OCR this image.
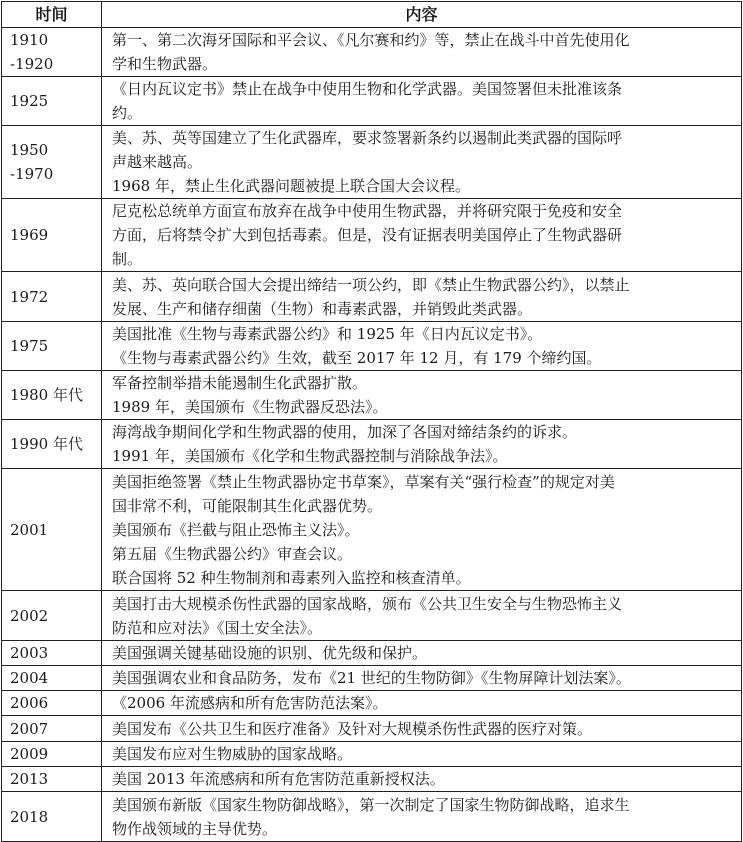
时间	内容

1910
-1920	第一、第二次海牙国际和平会议、《凡尔赛和约》等，禁止在战斗中首先使用化
学和生物武器。

1925	《日内瓦议定书》禁止在战争中使用生物和化学武器。美国签署但未批准该条
约。

1950
-1970	美、苏、英等国建立了生化武器库，要求签署新条约以遏制此类武器的国际呼
声越来越高。
1968 年，禁止生化武器问题被提上联合国大会议程。

1969	尼克松总统单方面宣布放弃在战争中使用生物武器，并将研究限于免疫和安全
方面，后将禁令扩大到包括毒素。但是，没有证据表明美国停止了生物武器研
制。

1972	美、苏、英向联合国大会提出缔结一项公约，即《禁止生物武器公约》，以禁止
发展、生产和储存细菌（生物）和毒素武器，并销毁此类武器。

1975	美国批准《生物与毒素武器公约》和 1925 年《日内瓦议定书》。
《生物与毒素武器公约》生效，截至 2017 年 12 月，有 179 个缔约国。

1980 年代	军备控制举措未能遏制生化武器扩散。
1989 年，美国颁布《生物武器反恐法》。

1990 年代	海湾战争期间化学和生物武器的使用，加深了各国对缔结条约的诉求。
1991 年，美国颁布《化学和生物武器控制与消除战争法》。

2001	美国拒绝签署《禁止生物武器协定书草案》，草案有关“强行检查”的规定对美
国非常不利，可能限制其生化武器优势。
美国颁布《拦截与阻止恐怖主义法》。
第五届《生物武器公约》审查会议。
联合国将 52 种生物制剂和毒素列入监控和核查清单。

2002	美国打击大规模杀伤性武器的国家战略，颁布《公共卫生安全与生物恐怖主义
防范和应对法》《国土安全法》。

2003	美国强调关键基础设施的识别、优先级和保护。

2004	美国强调农业和食品防务，发布《21 世纪的生物防御》《生物屏障计划法案》。

2006	《2006 年流感病和所有危害防范法案》。

2007	美国发布《公共卫生和医疗准备》及针对大规模杀伤性武器的医疗对策。

2009	美国发布应对生物威胁的国家战略。

2013	美国 2013 年流感病和所有危害防范重新授权法。

2018	美国颁布新版《国家生物防御战略》，第一次制定了国家生物防御战略，追求生
物作战领域的主导优势。
